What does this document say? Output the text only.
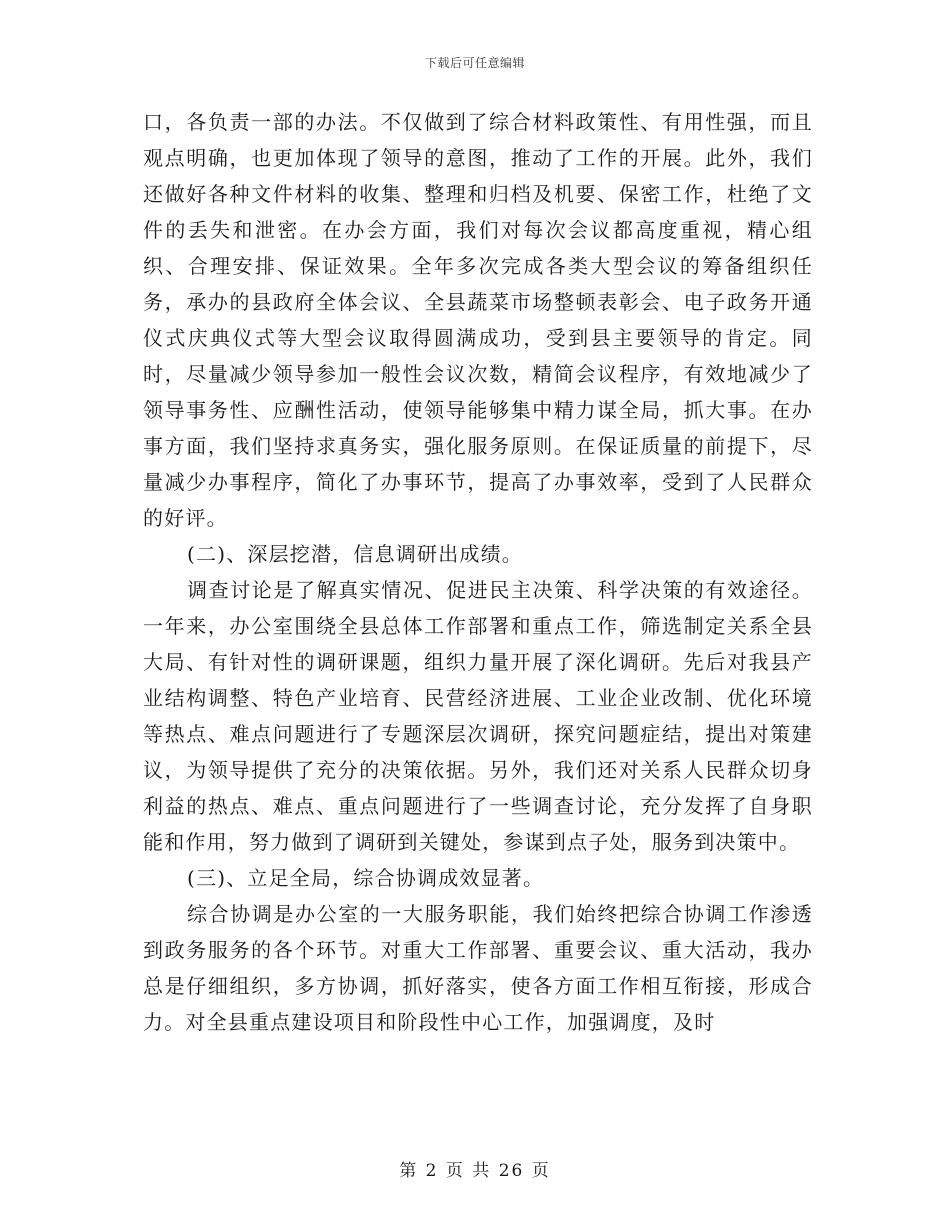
下载后可任意编辑

口，各负责一部的办法。不仅做到了综合材料政策性、有用性强，而且观点明确，也更加体现了领导的意图，推动了工作的开展。此外，我们还做好各种文件材料的收集、整理和归档及机要、保密工作，杜绝了文件的丢失和泄密。在办会方面，我们对每次会议都高度重视，精心组织、合理安排、保证效果。全年多次完成各类大型会议的筹备组织任务，承办的县政府全体会议、全县蔬菜市场整顿表彰会、电子政务开通仪式庆典仪式等大型会议取得圆满成功，受到县主要领导的肯定。同时，尽量减少领导参加一般性会议次数，精简会议程序，有效地减少了领导事务性、应酬性活动，使领导能够集中精力谋全局，抓大事。在办事方面，我们坚持求真务实，强化服务原则。在保证质量的前提下，尽量减少办事程序，简化了办事环节，提高了办事效率，受到了人民群众的好评。

(二)、深层挖潜，信息调研出成绩。

调查讨论是了解真实情况、促进民主决策、科学决策的有效途径。一年来，办公室围绕全县总体工作部署和重点工作，筛选制定关系全县大局、有针对性的调研课题，组织力量开展了深化调研。先后对我县产业结构调整、特色产业培育、民营经济进展、工业企业改制、优化环境等热点、难点问题进行了专题深层次调研，探究问题症结，提出对策建议，为领导提供了充分的决策依据。另外，我们还对关系人民群众切身利益的热点、难点、重点问题进行了一些调查讨论，充分发挥了自身职能和作用，努力做到了调研到关键处，参谋到点子处，服务到决策中。

(三)、立足全局，综合协调成效显著。

综合协调是办公室的一大服务职能，我们始终把综合协调工作渗透到政务服务的各个环节。对重大工作部署、重要会议、重大活动，我办总是仔细组织，多方协调，抓好落实，使各方面工作相互衔接，形成合力。对全县重点建设项目和阶段性中心工作，加强调度，及时

第 2 页 共 26 页
